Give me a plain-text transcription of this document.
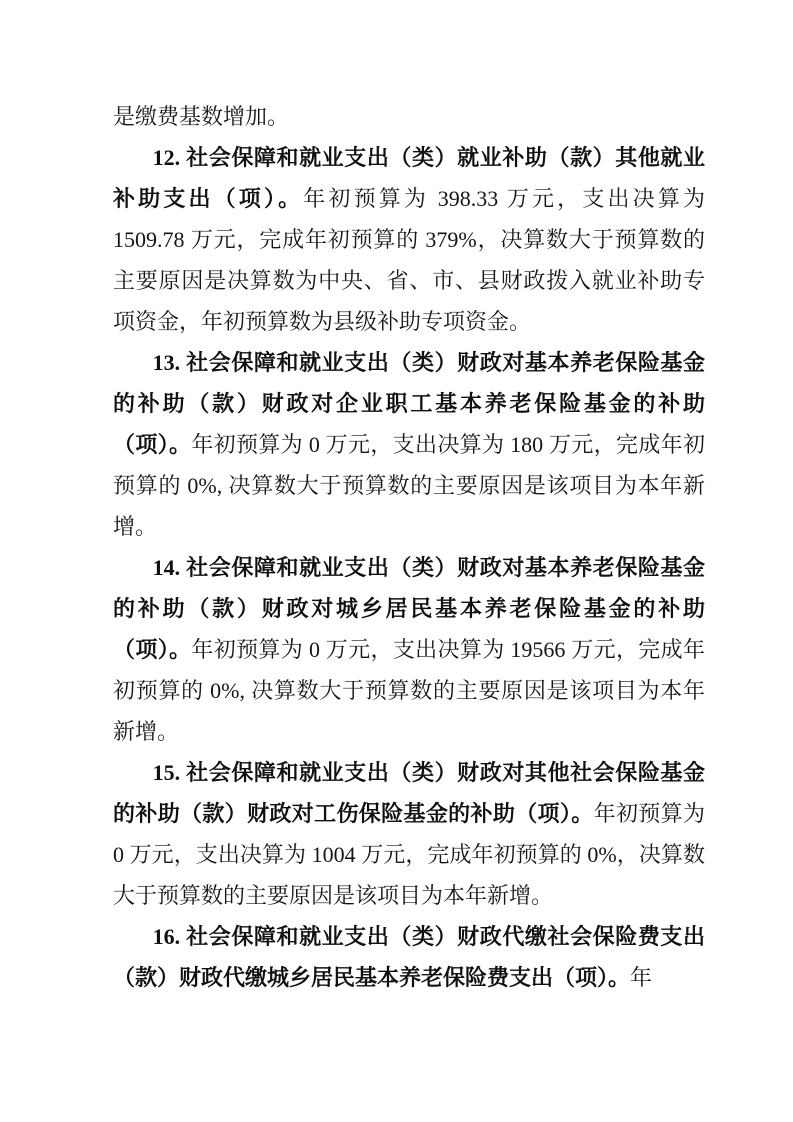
是缴费基数增加。

12. 社会保障和就业支出（类）就业补助（款）其他就业补助支出（项）。年初预算为 398.33 万元，支出决算为 1509.78 万元，完成年初预算的 379%，决算数大于预算数的主要原因是决算数为中央、省、市、县财政拨入就业补助专项资金，年初预算数为县级补助专项资金。

13. 社会保障和就业支出（类）财政对基本养老保险基金的补助（款）财政对企业职工基本养老保险基金的补助（项）。年初预算为 0 万元，支出决算为 180 万元，完成年初预算的 0%, 决算数大于预算数的主要原因是该项目为本年新增。

14. 社会保障和就业支出（类）财政对基本养老保险基金的补助（款）财政对城乡居民基本养老保险基金的补助（项）。年初预算为 0 万元，支出决算为 19566 万元，完成年初预算的 0%, 决算数大于预算数的主要原因是该项目为本年新增。

15. 社会保障和就业支出（类）财政对其他社会保险基金的补助（款）财政对工伤保险基金的补助（项）。年初预算为 0 万元，支出决算为 1004 万元，完成年初预算的 0%，决算数大于预算数的主要原因是该项目为本年新增。

16. 社会保障和就业支出（类）财政代缴社会保险费支出（款）财政代缴城乡居民基本养老保险费支出（项）。年
